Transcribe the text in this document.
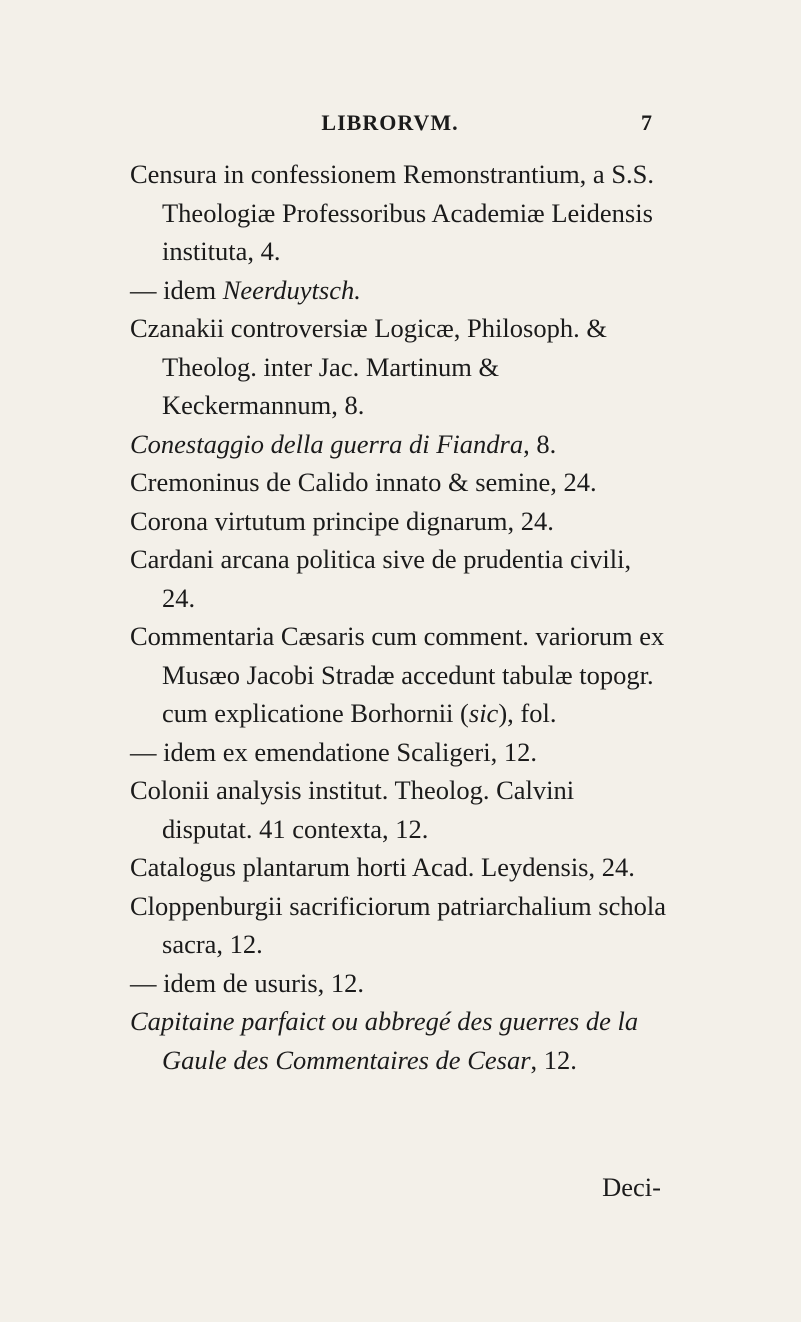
LIBRORVM.	7
Censura in confessionem Remonstrantium, a S.S. Theologiæ Professoribus Academiæ Leidensis instituta, 4.
— idem Neerduytsch.
Czanakii controversiæ Logicæ, Philosoph. & Theolog. inter Jac. Martinum & Keckermannum, 8.
Conestaggio della guerra di Fiandra, 8.
Cremoninus de Calido innato & semine, 24.
Corona virtutum principe dignarum, 24.
Cardani arcana politica sive de prudentia civili, 24.
Commentaria Cæsaris cum comment. variorum ex Musæo Jacobi Stradæ accedunt tabulæ topogr. cum explicatione Borhornii (sic), fol.
— idem ex emendatione Scaligeri, 12.
Colonii analysis institut. Theolog. Calvini disputat. 41 contexta, 12.
Catalogus plantarum horti Acad. Leydensis, 24.
Cloppenburgii sacrificiorum patriarchalium schola sacra, 12.
— idem de usuris, 12.
Capitaine parfaict ou abbregé des guerres de la Gaule des Commentaires de Cesar, 12.
Deci-
